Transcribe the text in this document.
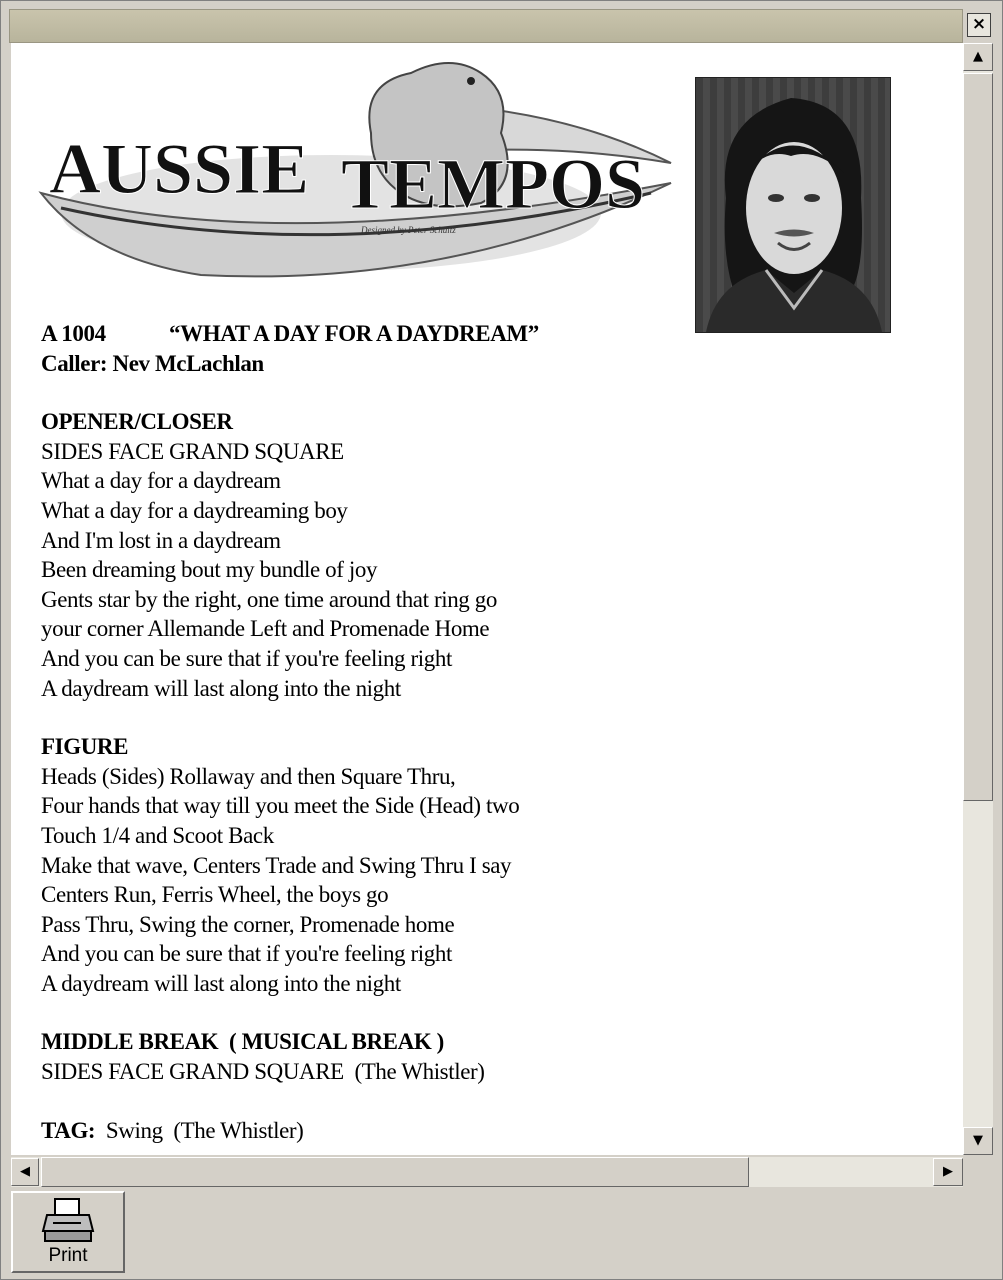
×
AUSSIE TEMPOS
Designed by Peter Schultz
A 1004	“WHAT A DAY FOR A DAYDREAM”
Caller: Nev McLachlan
OPENER/CLOSER
SIDES FACE GRAND SQUARE
What a day for a daydream
What a day for a daydreaming boy
And I'm lost in a daydream
Been dreaming bout my bundle of joy
Gents star by the right, one time around that ring go
your corner Allemande Left and Promenade Home
And you can be sure that if you're feeling right
A daydream will last along into the night
FIGURE
Heads (Sides) Rollaway and then Square Thru,
Four hands that way till you meet the Side (Head) two
Touch 1/4 and Scoot Back
Make that wave, Centers Trade and Swing Thru I say
Centers Run, Ferris Wheel, the boys go
Pass Thru, Swing the corner, Promenade home
And you can be sure that if you're feeling right
A daydream will last along into the night
MIDDLE BREAK  ( MUSICAL BREAK )
SIDES FACE GRAND SQUARE  (The Whistler)
TAG: Swing  (The Whistler)
▲
▼
◀	▶
Print
